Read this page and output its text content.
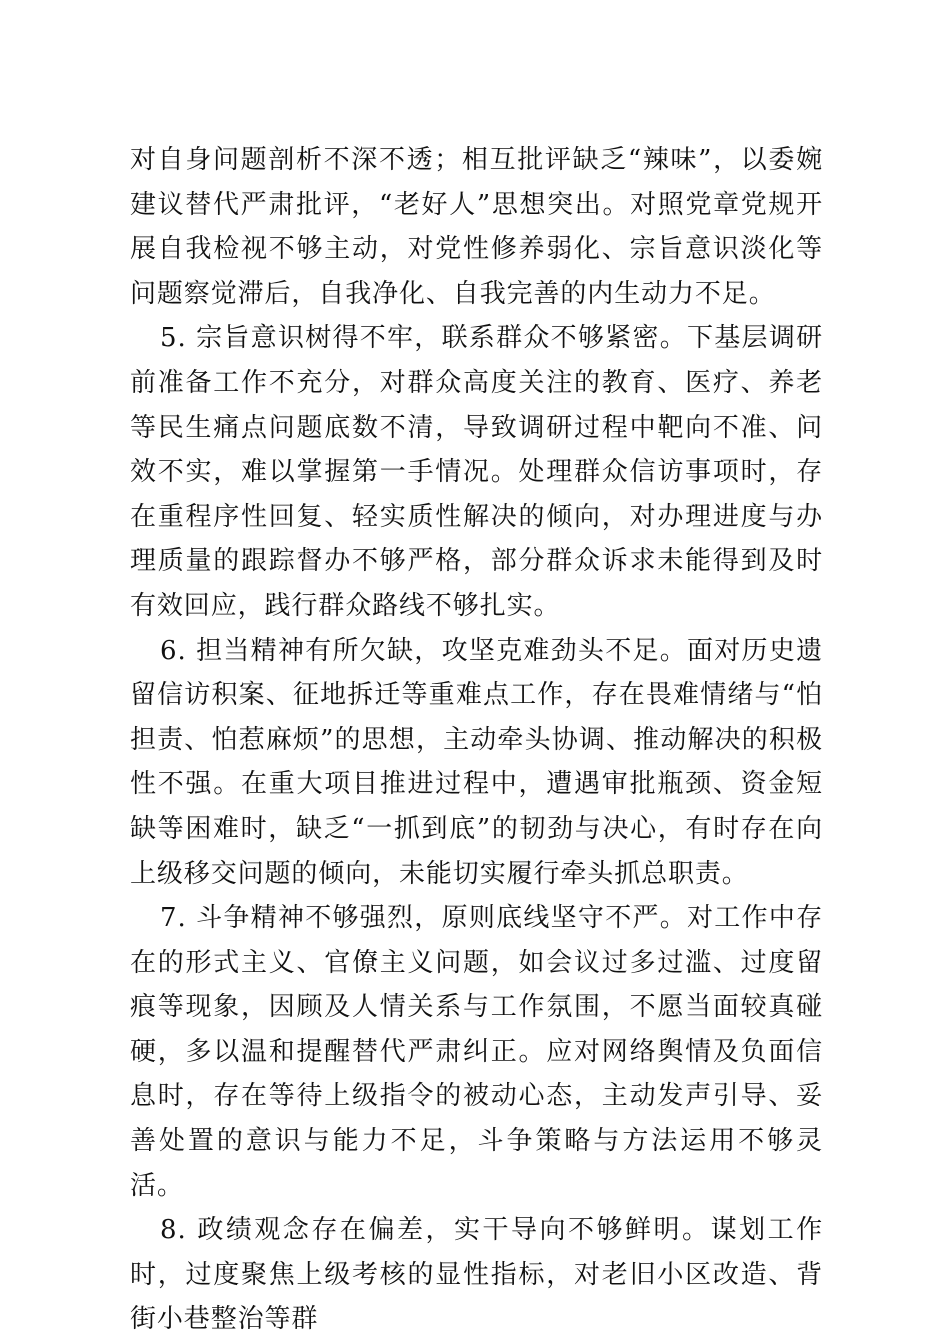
对自身问题剖析不深不透；相互批评缺乏“辣味”，以委婉建议替代严肃批评，“老好人”思想突出。对照党章党规开展自我检视不够主动，对党性修养弱化、宗旨意识淡化等问题察觉滞后，自我净化、自我完善的内生动力不足。

5. 宗旨意识树得不牢，联系群众不够紧密。下基层调研前准备工作不充分，对群众高度关注的教育、医疗、养老等民生痛点问题底数不清，导致调研过程中靶向不准、问效不实，难以掌握第一手情况。处理群众信访事项时，存在重程序性回复、轻实质性解决的倾向，对办理进度与办理质量的跟踪督办不够严格，部分群众诉求未能得到及时有效回应，践行群众路线不够扎实。

6. 担当精神有所欠缺，攻坚克难劲头不足。面对历史遗留信访积案、征地拆迁等重难点工作，存在畏难情绪与“怕担责、怕惹麻烦”的思想，主动牵头协调、推动解决的积极性不强。在重大项目推进过程中，遭遇审批瓶颈、资金短缺等困难时，缺乏“一抓到底”的韧劲与决心，有时存在向上级移交问题的倾向，未能切实履行牵头抓总职责。

7. 斗争精神不够强烈，原则底线坚守不严。对工作中存在的形式主义、官僚主义问题，如会议过多过滥、过度留痕等现象，因顾及人情关系与工作氛围，不愿当面较真碰硬，多以温和提醒替代严肃纠正。应对网络舆情及负面信息时，存在等待上级指令的被动心态，主动发声引导、妥善处置的意识与能力不足，斗争策略与方法运用不够灵活。

8. 政绩观念存在偏差，实干导向不够鲜明。谋划工作时，过度聚焦上级考核的显性指标，对老旧小区改造、背街小巷整治等群
